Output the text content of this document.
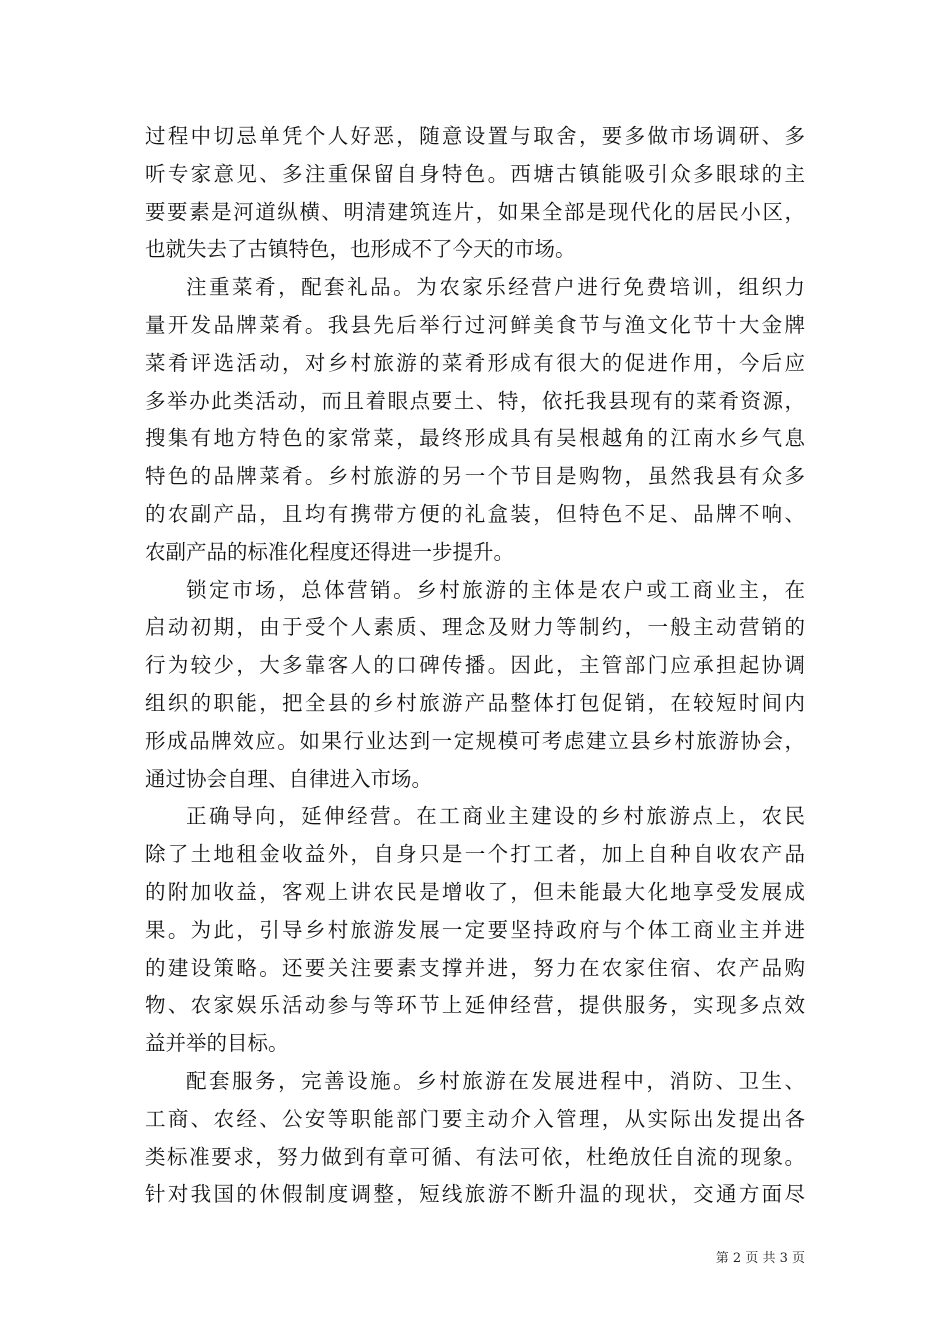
过程中切忌单凭个人好恶，随意设置与取舍，要多做市场调研、多
听专家意见、多注重保留自身特色。西塘古镇能吸引众多眼球的主
要要素是河道纵横、明清建筑连片，如果全部是现代化的居民小区，
也就失去了古镇特色，也形成不了今天的市场。
注重菜肴，配套礼品。为农家乐经营户进行免费培训，组织力
量开发品牌菜肴。我县先后举行过河鲜美食节与渔文化节十大金牌
菜肴评选活动，对乡村旅游的菜肴形成有很大的促进作用，今后应
多举办此类活动，而且着眼点要土、特，依托我县现有的菜肴资源，
搜集有地方特色的家常菜，最终形成具有吴根越角的江南水乡气息
特色的品牌菜肴。乡村旅游的另一个节目是购物，虽然我县有众多
的农副产品，且均有携带方便的礼盒装，但特色不足、品牌不响、
农副产品的标准化程度还得进一步提升。
锁定市场，总体营销。乡村旅游的主体是农户或工商业主，在
启动初期，由于受个人素质、理念及财力等制约，一般主动营销的
行为较少，大多靠客人的口碑传播。因此，主管部门应承担起协调
组织的职能，把全县的乡村旅游产品整体打包促销，在较短时间内
形成品牌效应。如果行业达到一定规模可考虑建立县乡村旅游协会，
通过协会自理、自律进入市场。
正确导向，延伸经营。在工商业主建设的乡村旅游点上，农民
除了土地租金收益外，自身只是一个打工者，加上自种自收农产品
的附加收益，客观上讲农民是增收了，但未能最大化地享受发展成
果。为此，引导乡村旅游发展一定要坚持政府与个体工商业主并进
的建设策略。还要关注要素支撑并进，努力在农家住宿、农产品购
物、农家娱乐活动参与等环节上延伸经营，提供服务，实现多点效
益并举的目标。
配套服务，完善设施。乡村旅游在发展进程中，消防、卫生、
工商、农经、公安等职能部门要主动介入管理，从实际出发提出各
类标准要求，努力做到有章可循、有法可依，杜绝放任自流的现象。
针对我国的休假制度调整，短线旅游不断升温的现状，交通方面尽
第 2 页 共 3 页
